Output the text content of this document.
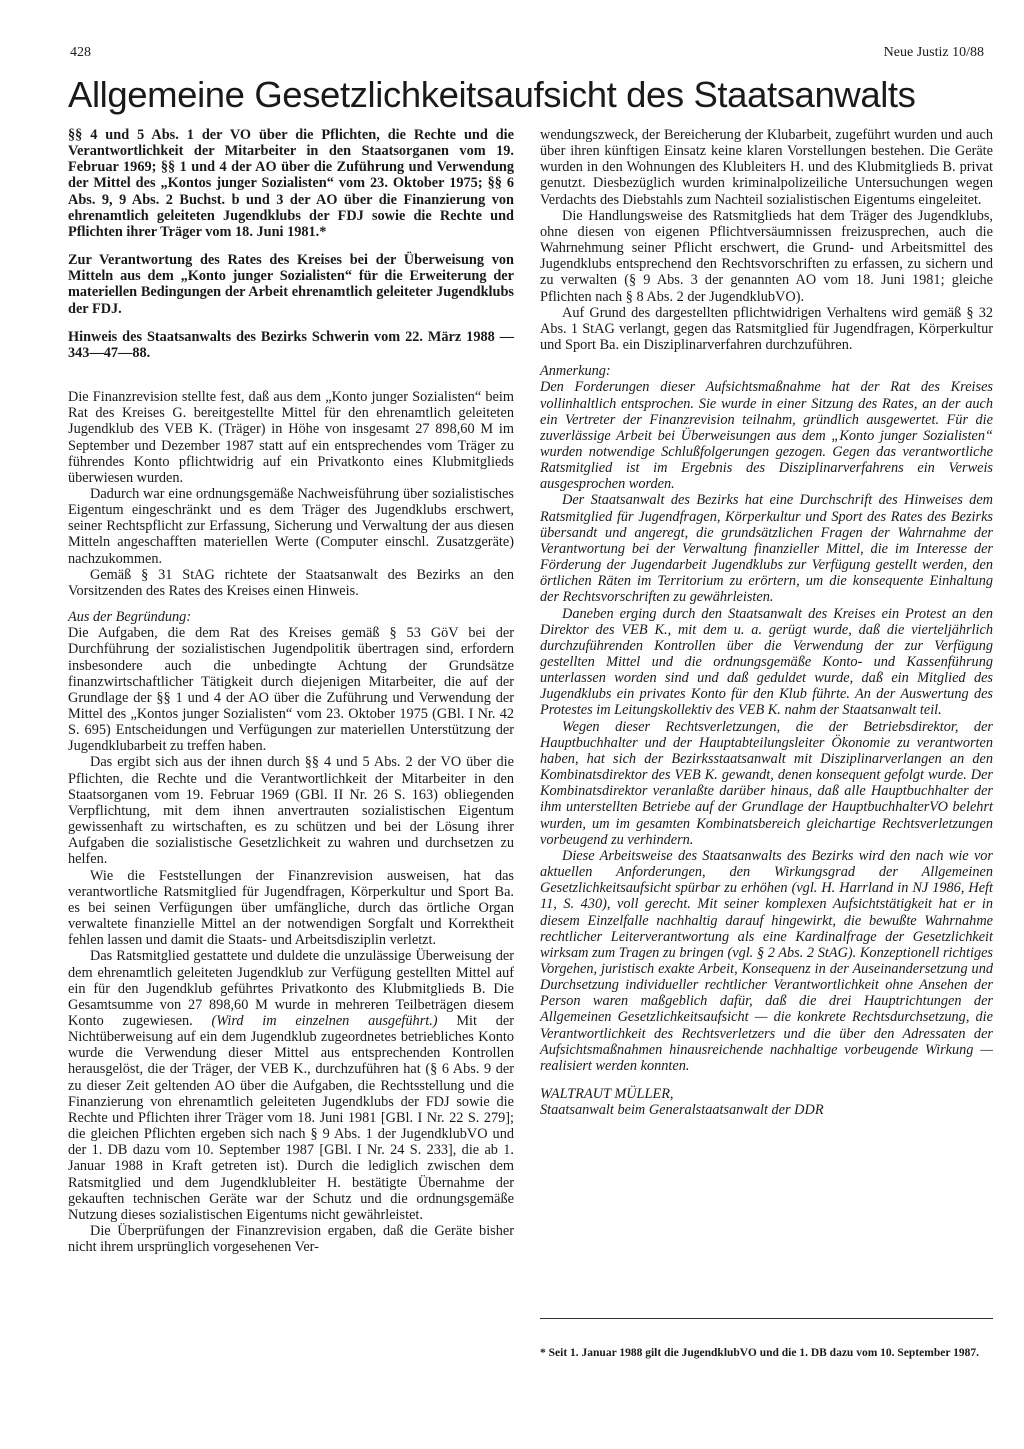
428	Neue Justiz 10/88
Allgemeine Gesetzlichkeitsaufsicht des Staatsanwalts

§§ 4 und 5 Abs. 1 der VO über die Pflichten, die Rechte und die Verantwortlichkeit der Mitarbeiter in den Staatsorganen vom 19. Februar 1969; §§ 1 und 4 der AO über die Zuführung und Verwendung der Mittel des „Kontos junger Sozialisten“ vom 23. Oktober 1975; §§ 6 Abs. 9, 9 Abs. 2 Buchst. b und 3 der AO über die Finanzierung von ehrenamtlich geleiteten Jugendklubs der FDJ sowie die Rechte und Pflichten ihrer Träger vom 18. Juni 1981.*

Zur Verantwortung des Rates des Kreises bei der Überweisung von Mitteln aus dem „Konto junger Sozialisten“ für die Erweiterung der materiellen Bedingungen der Arbeit ehrenamtlich geleiteter Jugendklubs der FDJ.

Hinweis des Staatsanwalts des Bezirks Schwerin vom 22. März 1988 — 343—47—88.

Die Finanzrevision stellte fest, daß aus dem „Konto junger Sozialisten“ beim Rat des Kreises G. bereitgestellte Mittel für den ehrenamtlich geleiteten Jugendklub des VEB K. (Träger) in Höhe von insgesamt 27 898,60 M im September und Dezember 1987 statt auf ein entsprechendes vom Träger zu führendes Konto pflichtwidrig auf ein Privatkonto eines Klubmitglieds überwiesen wurden.

Dadurch war eine ordnungsgemäße Nachweisführung über sozialistisches Eigentum eingeschränkt und es dem Träger des Jugendklubs erschwert, seiner Rechtspflicht zur Erfassung, Sicherung und Verwaltung der aus diesen Mitteln angeschafften materiellen Werte (Computer einschl. Zusatzgeräte) nachzukommen.

Gemäß § 31 StAG richtete der Staatsanwalt des Bezirks an den Vorsitzenden des Rates des Kreises einen Hinweis.

Aus der Begründung:

Die Aufgaben, die dem Rat des Kreises gemäß § 53 GöV bei der Durchführung der sozialistischen Jugendpolitik übertragen sind, erfordern insbesondere auch die unbedingte Achtung der Grundsätze finanzwirtschaftlicher Tätigkeit durch diejenigen Mitarbeiter, die auf der Grundlage der §§ 1 und 4 der AO über die Zuführung und Verwendung der Mittel des „Kontos junger Sozialisten“ vom 23. Oktober 1975 (GBl. I Nr. 42 S. 695) Entscheidungen und Verfügungen zur materiellen Unterstützung der Jugendklubarbeit zu treffen haben.

Das ergibt sich aus der ihnen durch §§ 4 und 5 Abs. 2 der VO über die Pflichten, die Rechte und die Verantwortlichkeit der Mitarbeiter in den Staatsorganen vom 19. Februar 1969 (GBl. II Nr. 26 S. 163) obliegenden Verpflichtung, mit dem ihnen anvertrauten sozialistischen Eigentum gewissenhaft zu wirtschaften, es zu schützen und bei der Lösung ihrer Aufgaben die sozialistische Gesetzlichkeit zu wahren und durchsetzen zu helfen.

Wie die Feststellungen der Finanzrevision ausweisen, hat das verantwortliche Ratsmitglied für Jugendfragen, Körperkultur und Sport Ba. es bei seinen Verfügungen über umfängliche, durch das örtliche Organ verwaltete finanzielle Mittel an der notwendigen Sorgfalt und Korrektheit fehlen lassen und damit die Staats- und Arbeitsdisziplin verletzt.

Das Ratsmitglied gestattete und duldete die unzulässige Überweisung der dem ehrenamtlich geleiteten Jugendklub zur Verfügung gestellten Mittel auf ein für den Jugendklub geführtes Privatkonto des Klubmitglieds B. Die Gesamtsumme von 27 898,60 M wurde in mehreren Teilbeträgen diesem Konto zugewiesen. (Wird im einzelnen ausgeführt.) Mit der Nichtüberweisung auf ein dem Jugendklub zugeordnetes betriebliches Konto wurde die Verwendung dieser Mittel aus entsprechenden Kontrollen herausgelöst, die der Träger, der VEB K., durchzuführen hat (§ 6 Abs. 9 der zu dieser Zeit geltenden AO über die Aufgaben, die Rechtsstellung und die Finanzierung von ehrenamtlich geleiteten Jugendklubs der FDJ sowie die Rechte und Pflichten ihrer Träger vom 18. Juni 1981 [GBl. I Nr. 22 S. 279]; die gleichen Pflichten ergeben sich nach § 9 Abs. 1 der JugendklubVO und der 1. DB dazu vom 10. September 1987 [GBl. I Nr. 24 S. 233], die ab 1. Januar 1988 in Kraft getreten ist). Durch die lediglich zwischen dem Ratsmitglied und dem Jugendklubleiter H. bestätigte Übernahme der gekauften technischen Geräte war der Schutz und die ordnungsgemäße Nutzung dieses sozialistischen Eigentums nicht gewährleistet.

Die Überprüfungen der Finanzrevision ergaben, daß die Geräte bisher nicht ihrem ursprünglich vorgesehenen Ver-

wendungszweck, der Bereicherung der Klubarbeit, zugeführt wurden und auch über ihren künftigen Einsatz keine klaren Vorstellungen bestehen. Die Geräte wurden in den Wohnungen des Klubleiters H. und des Klubmitglieds B. privat genutzt. Diesbezüglich wurden kriminalpolizeiliche Untersuchungen wegen Verdachts des Diebstahls zum Nachteil sozialistischen Eigentums eingeleitet.

Die Handlungsweise des Ratsmitglieds hat dem Träger des Jugendklubs, ohne diesen von eigenen Pflichtversäumnissen freizusprechen, auch die Wahrnehmung seiner Pflicht erschwert, die Grund- und Arbeitsmittel des Jugendklubs entsprechend den Rechtsvorschriften zu erfassen, zu sichern und zu verwalten (§ 9 Abs. 3 der genannten AO vom 18. Juni 1981; gleiche Pflichten nach § 8 Abs. 2 der JugendklubVO).

Auf Grund des dargestellten pflichtwidrigen Verhaltens wird gemäß § 32 Abs. 1 StAG verlangt, gegen das Ratsmitglied für Jugendfragen, Körperkultur und Sport Ba. ein Disziplinarverfahren durchzuführen.

Anmerkung:

Den Forderungen dieser Aufsichtsmaßnahme hat der Rat des Kreises vollinhaltlich entsprochen. Sie wurde in einer Sitzung des Rates, an der auch ein Vertreter der Finanzrevision teilnahm, gründlich ausgewertet. Für die zuverlässige Arbeit bei Überweisungen aus dem „Konto junger Sozialisten“ wurden notwendige Schlußfolgerungen gezogen. Gegen das verantwortliche Ratsmitglied ist im Ergebnis des Disziplinarverfahrens ein Verweis ausgesprochen worden.

Der Staatsanwalt des Bezirks hat eine Durchschrift des Hinweises dem Ratsmitglied für Jugendfragen, Körperkultur und Sport des Rates des Bezirks übersandt und angeregt, die grundsätzlichen Fragen der Wahrnahme der Verantwortung bei der Verwaltung finanzieller Mittel, die im Interesse der Förderung der Jugendarbeit Jugendklubs zur Verfügung gestellt werden, den örtlichen Räten im Territorium zu erörtern, um die konsequente Einhaltung der Rechtsvorschriften zu gewährleisten.

Daneben erging durch den Staatsanwalt des Kreises ein Protest an den Direktor des VEB K., mit dem u. a. gerügt wurde, daß die vierteljährlich durchzuführenden Kontrollen über die Verwendung der zur Verfügung gestellten Mittel und die ordnungsgemäße Konto- und Kassenführung unterlassen worden sind und daß geduldet wurde, daß ein Mitglied des Jugendklubs ein privates Konto für den Klub führte. An der Auswertung des Protestes im Leitungskollektiv des VEB K. nahm der Staatsanwalt teil.

Wegen dieser Rechtsverletzungen, die der Betriebsdirektor, der Hauptbuchhalter und der Hauptabteilungsleiter Ökonomie zu verantworten haben, hat sich der Bezirksstaatsanwalt mit Disziplinarverlangen an den Kombinatsdirektor des VEB K. gewandt, denen konsequent gefolgt wurde. Der Kombinatsdirektor veranlaßte darüber hinaus, daß alle Hauptbuchhalter der ihm unterstellten Betriebe auf der Grundlage der HauptbuchhalterVO belehrt wurden, um im gesamten Kombinatsbereich gleichartige Rechtsverletzungen vorbeugend zu verhindern.

Diese Arbeitsweise des Staatsanwalts des Bezirks wird den nach wie vor aktuellen Anforderungen, den Wirkungsgrad der Allgemeinen Gesetzlichkeitsaufsicht spürbar zu erhöhen (vgl. H. Harrland in NJ 1986, Heft 11, S. 430), voll gerecht. Mit seiner komplexen Aufsichtstätigkeit hat er in diesem Einzelfalle nachhaltig darauf hingewirkt, die bewußte Wahrnahme rechtlicher Leiterverantwortung als eine Kardinalfrage der Gesetzlichkeit wirksam zum Tragen zu bringen (vgl. § 2 Abs. 2 StAG). Konzeptionell richtiges Vorgehen, juristisch exakte Arbeit, Konsequenz in der Auseinandersetzung und Durchsetzung individueller rechtlicher Verantwortlichkeit ohne Ansehen der Person waren maßgeblich dafür, daß die drei Hauptrichtungen der Allgemeinen Gesetzlichkeitsaufsicht — die konkrete Rechtsdurchsetzung, die Verantwortlichkeit des Rechtsverletzers und die über den Adressaten der Aufsichtsmaßnahmen hinausreichende nachhaltige vorbeugende Wirkung — realisiert werden konnten.

WALTRAUT MÜLLER,

Staatsanwalt beim Generalstaatsanwalt der DDR

* Seit 1. Januar 1988 gilt die JugendklubVO und die 1. DB dazu vom 10. September 1987.
